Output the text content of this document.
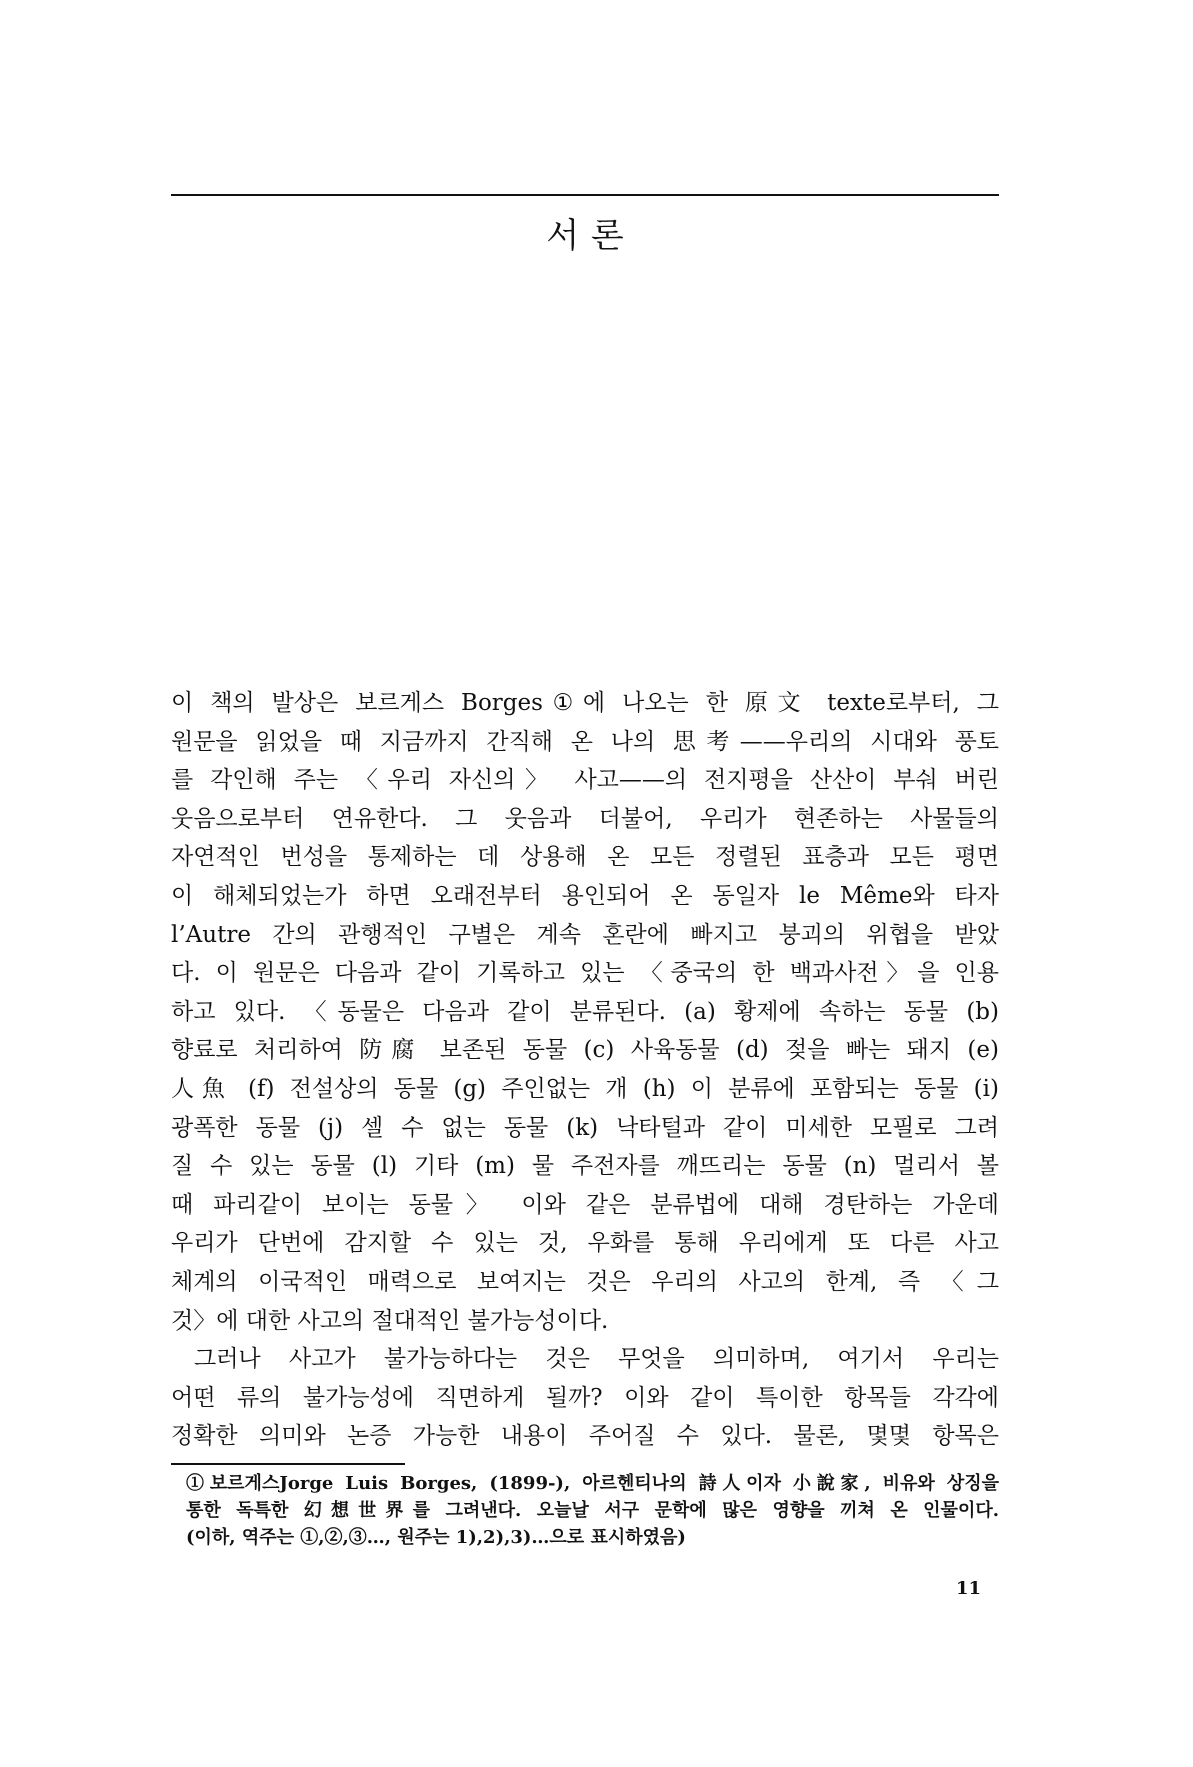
서론
이 책의 발상은 보르게스 Borges①에 나오는 한 原文 texte로부터, 그
원문을 읽었을 때 지금까지 간직해 온 나의 思考——우리의 시대와 풍토
를 각인해 주는 〈우리 자신의〉 사고——의 전지평을 산산이 부숴 버린
웃음으로부터 연유한다. 그 웃음과 더불어, 우리가 현존하는 사물들의
자연적인 번성을 통제하는 데 상용해 온 모든 정렬된 표층과 모든 평면
이 해체되었는가 하면 오래전부터 용인되어 온 동일자 le Même와 타자
l’Autre 간의 관행적인 구별은 계속 혼란에 빠지고 붕괴의 위협을 받았
다. 이 원문은 다음과 같이 기록하고 있는 〈중국의 한 백과사전〉을 인용
하고 있다. 〈동물은 다음과 같이 분류된다. (a) 황제에 속하는 동물 (b)
향료로 처리하여 防腐 보존된 동물 (c) 사육동물 (d) 젖을 빠는 돼지 (e)
人魚 (f) 전설상의 동물 (g) 주인없는 개 (h) 이 분류에 포함되는 동물 (i)
광폭한 동물 (j) 셀 수 없는 동물 (k) 낙타털과 같이 미세한 모필로 그려
질 수 있는 동물 (l) 기타 (m) 물 주전자를 깨뜨리는 동물 (n) 멀리서 볼
때 파리같이 보이는 동물〉 이와 같은 분류법에 대해 경탄하는 가운데
우리가 단번에 감지할 수 있는 것, 우화를 통해 우리에게 또 다른 사고
체계의 이국적인 매력으로 보여지는 것은 우리의 사고의 한계, 즉 〈그
것〉에 대한 사고의 절대적인 불가능성이다.
그러나 사고가 불가능하다는 것은 무엇을 의미하며, 여기서 우리는
어떤 류의 불가능성에 직면하게 될까? 이와 같이 특이한 항목들 각각에
정확한 의미와 논증 가능한 내용이 주어질 수 있다. 물론, 몇몇 항목은
①보르게스Jorge Luis Borges, (1899-), 아르헨티나의 詩人이자 小說家, 비유와 상징을
통한 독특한 幻想世界를 그려낸다. 오늘날 서구 문학에 많은 영향을 끼쳐 온 인물이다.
(이하, 역주는 ①,②,③…, 원주는 1),2),3)…으로 표시하였음)
11
